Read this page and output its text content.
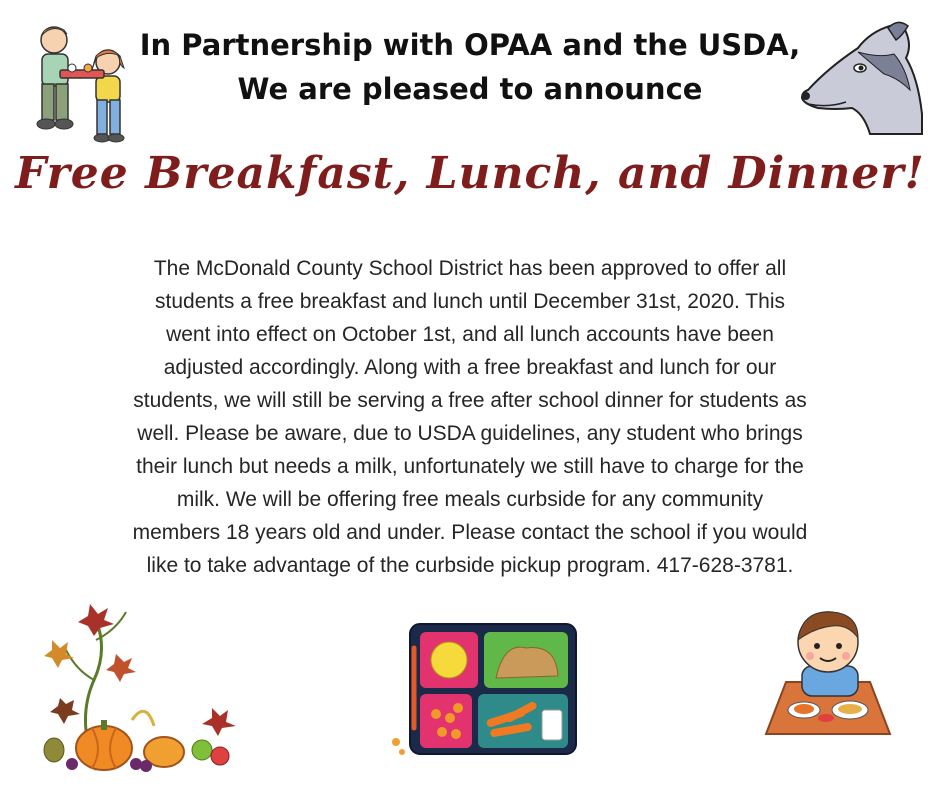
In Partnership with OPAA and the USDA,
We are pleased to announce
Free Breakfast, Lunch, and Dinner!

The McDonald County School District has been approved to offer all

students a free breakfast and lunch until December 31st, 2020. This

went into effect on October 1st, and all lunch accounts have been

adjusted accordingly. Along with a free breakfast and lunch for our

students, we will still be serving a free after school dinner for students as

well. Please be aware, due to USDA guidelines, any student who brings

their lunch but needs a milk, unfortunately we still have to charge for the

milk. We will be offering free meals curbside for any community

members 18 years old and under. Please contact the school if you would

like to take advantage of the curbside pickup program. 417-628-3781.
